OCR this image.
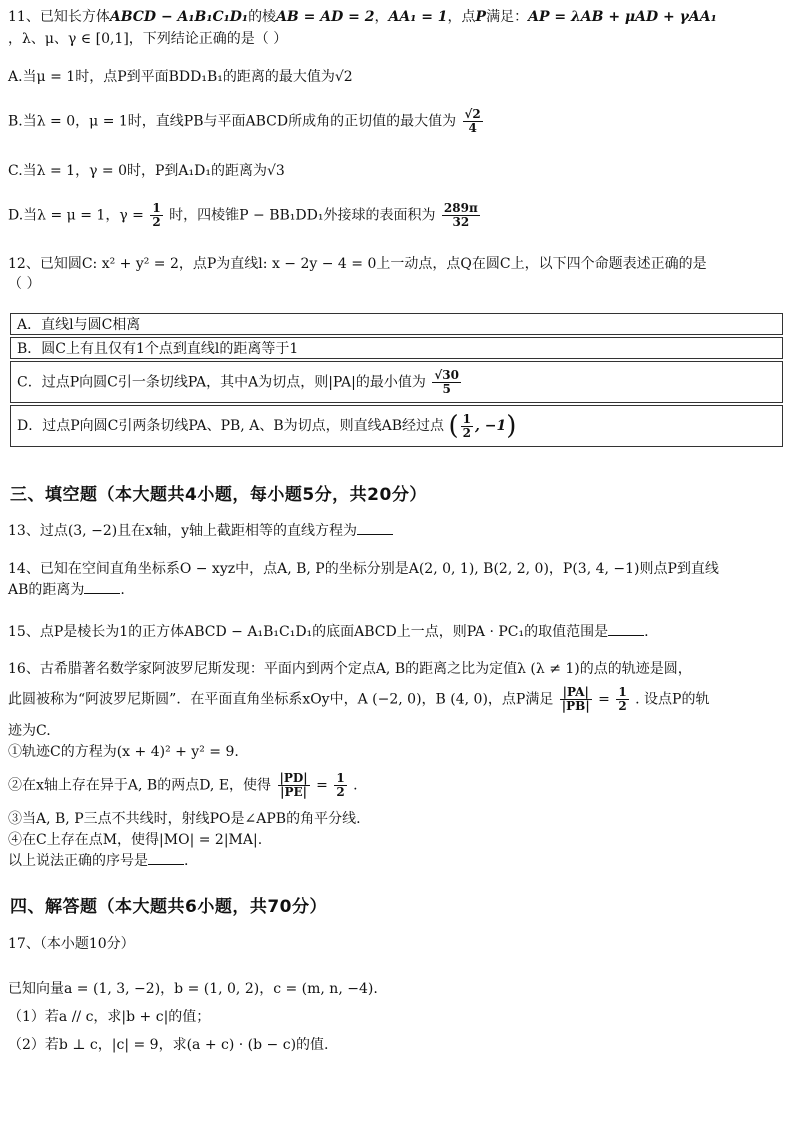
11、已知长方体ABCD − A₁B₁C₁D₁的棱AB = AD = 2，AA₁ = 1，点P满足：AP = λAB + μAD + γAA₁
，λ、μ、γ ∈ [0,1]，下列结论正确的是（ ）
A.当μ = 1时，点P到平面BDD₁B₁的距离的最大值为√2
B.当λ = 0，μ = 1时，直线PB与平面ABCD所成角的正切值的最大值为 $\frac{√2}{4}$
C.当λ = 1，γ = 0时，P到A₁D₁的距离为√3
D.当λ = μ = 1，$\gamma = \frac{1}{2}$ 时，四棱锥P − BB₁DD₁外接球的表面积为 $\frac{289\pi}{32}$
12、已知圆C: x² + y² = 2，点P为直线l: x − 2y − 4 = 0上一动点，点Q在圆C上，以下四个命题表述正确的是
（ ）
A．直线l与圆C相离
B．圆C上有且仅有1个点到直线l的距离等于1
C．过点P向圆C引一条切线PA，其中A为切点，则|PA|的最小值为 $\frac{√30}{5}$

D．过点P向圆C引两条切线PA、PB, A、B为切点，则直线AB经过点 ( $\frac{1}{2}$ , −1)
三、填空题（本大题共4小题，每小题5分，共20分）
13、过点(3, −2)且在x轴，y轴上截距相等的直线方程为
14、已知在空间直角坐标系O − xyz中，点A, B, P的坐标分别是A(2, 0, 1), B(2, 2, 0)，P(3, 4, −1)则点P到直线
AB的距离为	.
15、点P是棱长为1的正方体ABCD − A₁B₁C₁D₁的底面ABCD上一点，则PA · PC₁的取值范围是	.
16、古希腊著名数学家阿波罗尼斯发现：平面内到两个定点A, B的距离之比为定值λ (λ ≠ 1)的点的轨迹是圆，
此圆被称为“阿波罗尼斯圆”．在平面直角坐标系xOy中，A (−2, 0)，B (4, 0)，点P满足 $\frac{|PA|}{|PB|} = \frac{1}{2}$ . 设点P的轨
迹为C.
①轨迹C的方程为(x + 4)² + y² = 9.
②在x轴上存在异于A, B的两点D, E，使得 $\frac{|PD|}{|PE|} = \frac{1}{2}$ .
③当A, B, P三点不共线时，射线PO是∠APB的角平分线.
④在C上存在点M，使得|MO| = 2|MA|.
以上说法正确的序号是	.
四、解答题（本大题共6小题，共70分）
17、（本小题10分）
已知向量a = (1, 3, −2)，b = (1, 0, 2)，c = (m, n, −4).
（1）若a // c，求|b + c|的值；
（2）若b ⊥ c，|c| = 9，求(a + c) · (b − c)的值.
